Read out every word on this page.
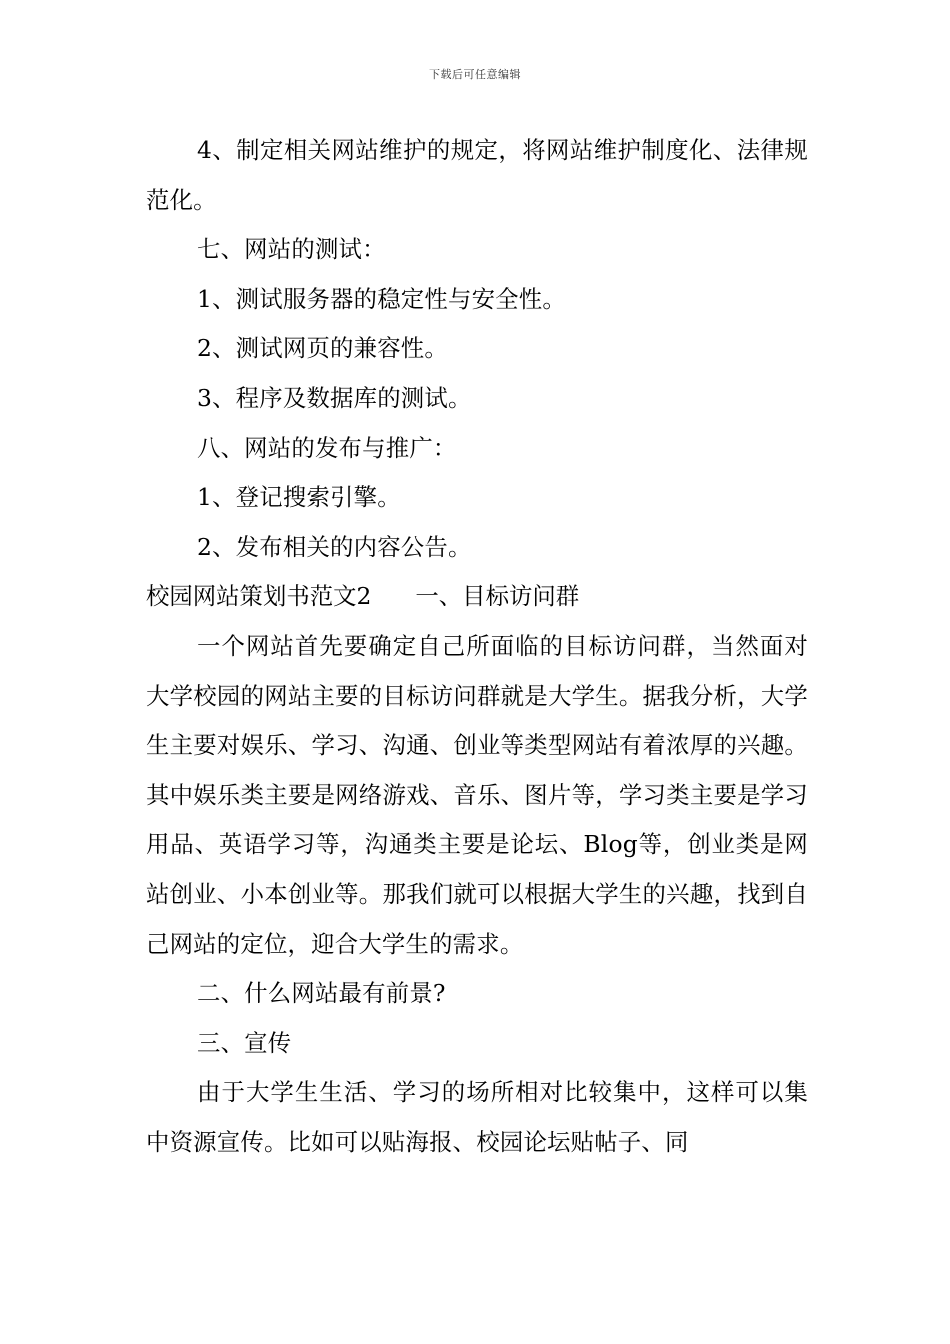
下载后可任意编辑

4、制定相关网站维护的规定，将网站维护制度化、法律规范化。

七、网站的测试：

1、测试服务器的稳定性与安全性。

2、测试网页的兼容性。

3、程序及数据库的测试。

八、网站的发布与推广：

1、登记搜索引擎。

2、发布相关的内容公告。

校园网站策划书范文2 一、目标访问群

一个网站首先要确定自己所面临的目标访问群，当然面对大学校园的网站主要的目标访问群就是大学生。据我分析，大学生主要对娱乐、学习、沟通、创业等类型网站有着浓厚的兴趣。其中娱乐类主要是网络游戏、音乐、图片等，学习类主要是学习用品、英语学习等，沟通类主要是论坛、Blog等，创业类是网站创业、小本创业等。那我们就可以根据大学生的兴趣，找到自己网站的定位，迎合大学生的需求。

二、什么网站最有前景?

三、宣传

由于大学生生活、学习的场所相对比较集中，这样可以集中资源宣传。比如可以贴海报、校园论坛贴帖子、同
